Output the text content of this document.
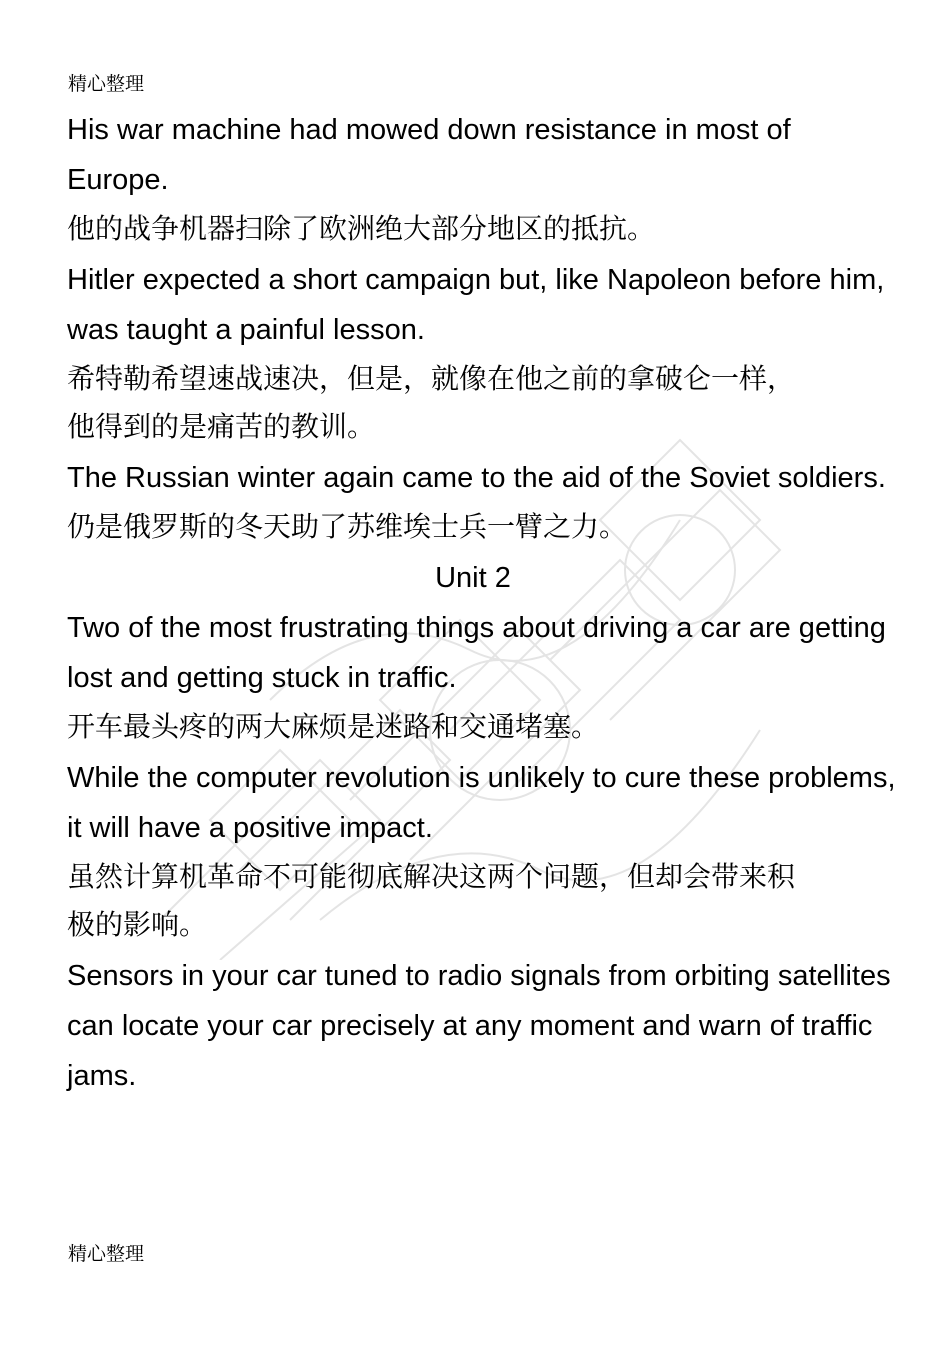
精心整理

His war machine had mowed down resistance in most of Europe.

他的战争机器扫除了欧洲绝大部分地区的抵抗。

Hitler expected a short campaign but, like Napoleon before him, was taught a painful lesson.

希特勒希望速战速决，但是，就像在他之前的拿破仑一样，他得到的是痛苦的教训。

The Russian winter again came to the aid of the Soviet soldiers.

仍是俄罗斯的冬天助了苏维埃士兵一臂之力。

Unit 2

Two of the most frustrating things about driving a car are getting lost and getting stuck in traffic.

开车最头疼的两大麻烦是迷路和交通堵塞。

While the computer revolution is unlikely to cure these problems, it will have a positive impact.

虽然计算机革命不可能彻底解决这两个问题，但却会带来积极的影响。

Sensors in your car tuned to radio signals from orbiting satellites can locate your car precisely at any moment and warn of traffic jams.

精心整理
